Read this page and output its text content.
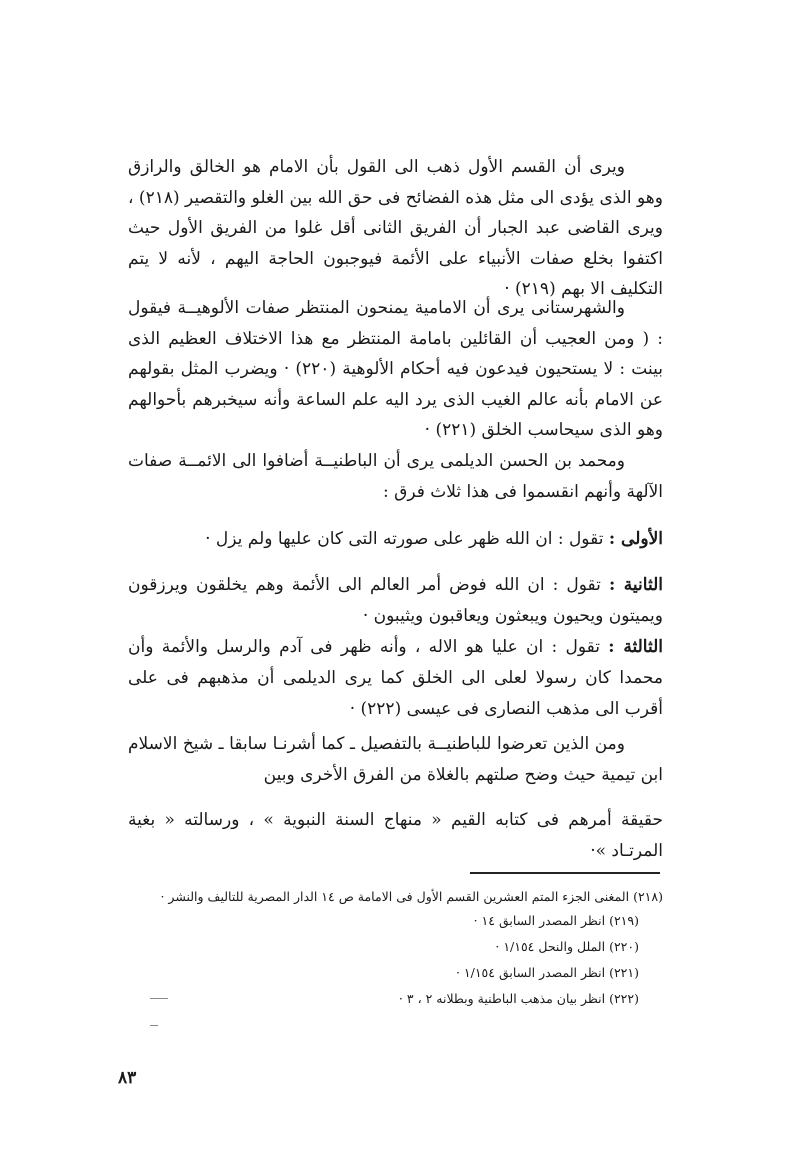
ويرى أن القسم الأول ذهب الى القول بأن الامام هو الخالق والرازق وهو الذى يؤدى الى مثل هذه الفضائح فى حق الله بين الغلو والتقصير (٢١٨) ، ويرى القاضى عبد الجبار أن الفريق الثانى أقل غلوا من الفريق الأول حيث اكتفوا بخلع صفات الأنبياء على الأئمة فيوجبون الحاجة اليهم ، لأنه لا يتم التكليف الا بهم (٢١٩) ·

والشهرستانى يرى أن الامامية يمنحون المنتظر صفات الألوهيــة فيقول : ( ومن العجيب أن القائلين بامامة المنتظر مع هذا الاختلاف العظيم الذى بينت : لا يستحيون فيدعون فيه أحكام الألوهية (٢٢٠) · ويضرب المثل بقولهم عن الامام بأنه عالم الغيب الذى يرد اليه علم الساعة وأنه سيخبرهم بأحوالهم وهو الذى سيحاسب الخلق (٢٢١) ·

ومحمد بن الحسن الديلمى يرى أن الباطنيــة أضافوا الى الائمــة صفات الآلهة وأنهم انقسموا فى هذا ثلاث فرق :

الأولى : تقول : ان الله ظهر على صورته التى كان عليها ولم يزل ·

الثانية : تقول : ان الله فوض أمر العالم الى الأئمة وهم يخلقون ويرزقون ويميتون ويحيون ويبعثون ويعاقبون ويثيبون ·

الثالثة : تقول : ان عليا هو الاله ، وأنه ظهر فى آدم والرسل والأئمة وأن محمدا كان رسولا لعلى الى الخلق كما يرى الديلمى أن مذهبهم فى على أقرب الى مذهب النصارى فى عيسى (٢٢٢) ·

ومن الذين تعرضوا للباطنيــة بالتفصيل ـ كما أشرنـا سابقا ـ شيخ الاسلام ابن تيمية حيث وضح صلتهم بالغلاة من الفرق الأخرى وبين

حقيقة أمرهم فى كتابه القيم « منهاج السنة النبوية » ، ورسالته « بغية المرتـاد »·

(٢١٨) المغنى الجزء المتم العشرين القسم الأول فى الامامة ص ١٤ الدار المصرية للتاليف والنشر ·

(٢١٩) انظر المصدر السابق ١٤ ·

(٢٢٠) الملل والنحل ١/١٥٤ ·

(٢٢١) انظر المصدر السابق ١/١٥٤ ·

(٢٢٢) انظر بيان مذهب الباطنية وبطلانه ٢ ، ٣ ·

٨٣
